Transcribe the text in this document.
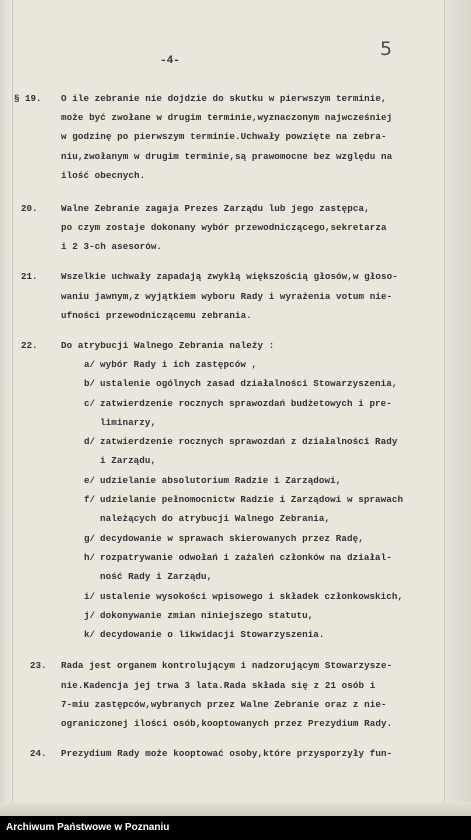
-4-
5
§ 19. O ile zebranie nie dojdzie do skutku w pierwszym terminie,
może być zwołane w drugim terminie,wyznaczonym najwcześniej
w godzinę po pierwszym terminie.Uchwały powzięte na zebra-
niu,zwołanym w drugim terminie,są prawomocne bez względu na
ilość obecnych.
20.	Walne Zebranie zagaja Prezes Zarządu lub jego zastępca,
po czym zostaje dokonany wybór przewodniczącego,sekretarza
i 2 3-ch asesorów.
21.	Wszelkie uchwały zapadają zwykłą większością głosów,w głoso-
waniu jawnym,z wyjątkiem wyboru Rady i wyrażenia votum nie-
ufności przewodniczącemu zebrania.
22.	Do atrybucji Walnego Zebrania należy :
a/ wybór Rady i ich zastępców ,
b/ ustalenie ogólnych zasad działalności Stowarzyszenia,
c/ zatwierdzenie rocznych sprawozdań budżetowych i pre-
liminarzy,
d/ zatwierdzenie rocznych sprawozdań z działalności Rady
i Zarządu,
e/ udzielanie absolutorium Radzie i Zarządowi,
f/ udzielanie pełnomocnictw Radzie i Zarządowi w sprawach
należących do atrybucji Walnego Zebrania,
g/ decydowanie w sprawach skierowanych przez Radę,
h/ rozpatrywanie odwołań i zażaleń członków na działal-
ność Rady i Zarządu,
i/ ustalenie wysokości wpisowego i składek członkowskich,
j/ dokonywanie zmian niniejszego statutu,
k/ decydowanie o likwidacji Stowarzyszenia.
23. Rada jest organem kontrolującym i nadzorującym Stowarzysze-
nie.Kadencja jej trwa 3 lata.Rada składa się z 21 osób i
7-miu zastępców,wybranych przez Walne Zebranie oraz z nie-
ograniczonej ilości osób,kooptowanych przez Prezydium Rady.
24. Prezydium Rady może kooptować osoby,które przysporzyły fun-
Archiwum Państwowe w Poznaniu
